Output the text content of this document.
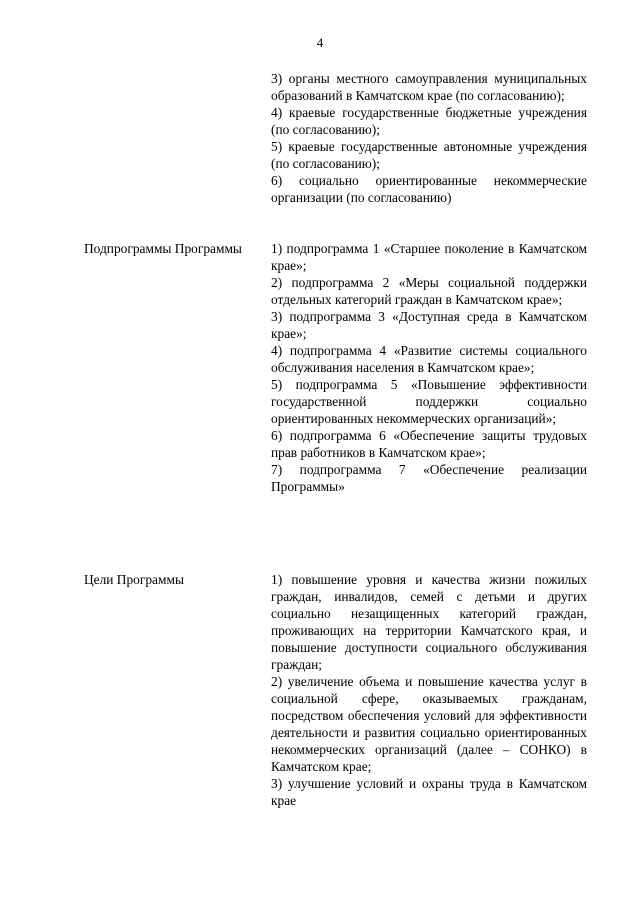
4

3) органы местного самоуправления муниципальных образований в Камчатском крае (по согласованию);

4) краевые государственные бюджетные учреждения (по согласованию);

5) краевые государственные автономные учреждения (по согласованию);

6) социально ориентированные некоммерческие организации (по согласованию)

Подпрограммы Программы	1) подпрограмма 1 «Старшее поколение в Камчатском крае»;

2) подпрограмма 2 «Меры социальной поддержки отдельных категорий граждан в Камчатском крае»;

3) подпрограмма 3 «Доступная среда в Камчатском крае»;

4) подпрограмма 4 «Развитие системы социального обслуживания населения в Камчатском крае»;

5) подпрограмма 5 «Повышение эффективности государственной поддержки социально ориентированных некоммерческих организаций»;

6) подпрограмма 6 «Обеспечение защиты трудовых прав работников в Камчатском крае»;

7) подпрограмма 7 «Обеспечение реализации Программы»

Цели Программы	1) повышение уровня и качества жизни пожилых граждан, инвалидов, семей с детьми и других социально незащищенных категорий граждан, проживающих на территории Камчатского края, и повышение доступности социального обслуживания граждан;

2) увеличение объема и повышение качества услуг в социальной сфере, оказываемых гражданам, посредством обеспечения условий для эффективности деятельности и развития социально ориентированных некоммерческих организаций (далее – СОНКО) в Камчатском крае;

3) улучшение условий и охраны труда в Камчатском крае
